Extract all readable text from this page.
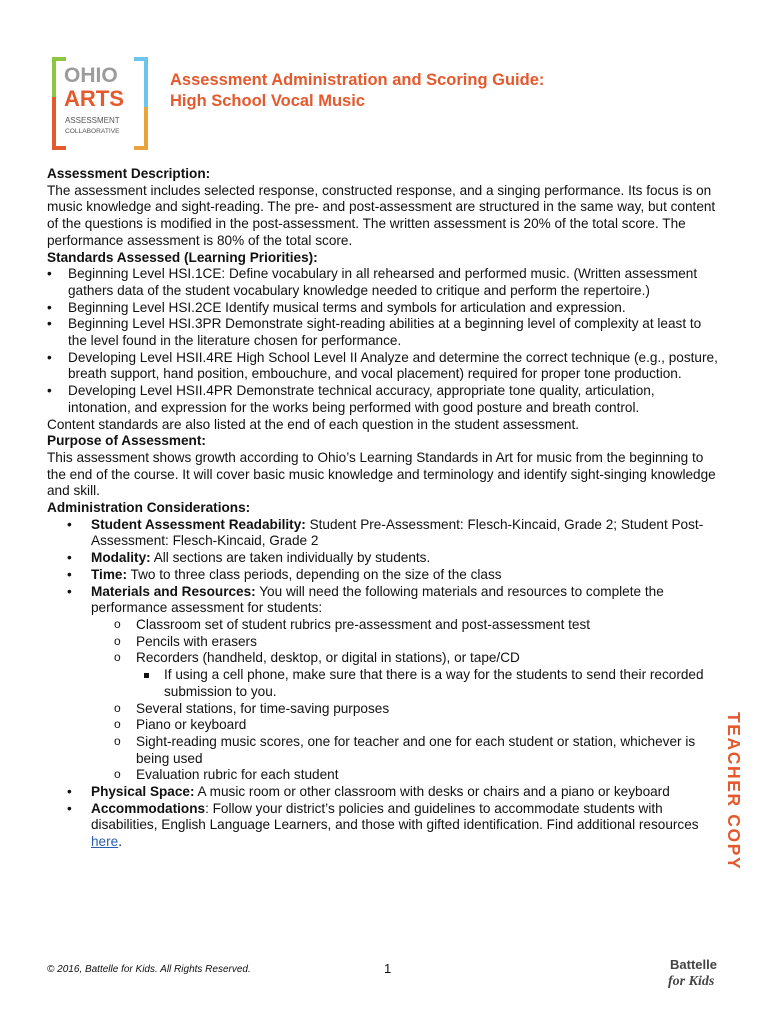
OHIO
ARTS
ASSESSMENT
COLLABORATIVE
Assessment Administration and Scoring Guide:
High School Vocal Music

Assessment Description:

The assessment includes selected response, constructed response, and a singing performance. Its focus is on music knowledge and sight-reading. The pre- and post-assessment are structured in the same way, but content of the questions is modified in the post-assessment. The written assessment is 20% of the total score. The performance assessment is 80% of the total score.

Standards Assessed (Learning Priorities):

• Beginning Level HSI.1CE: Define vocabulary in all rehearsed and performed music. (Written assessment gathers data of the student vocabulary knowledge needed to critique and perform the repertoire.)
• Beginning Level HSI.2CE Identify musical terms and symbols for articulation and expression.
• Beginning Level HSI.3PR Demonstrate sight-reading abilities at a beginning level of complexity at least to the level found in the literature chosen for performance.
• Developing Level HSII.4RE High School Level II Analyze and determine the correct technique (e.g., posture, breath support, hand position, embouchure, and vocal placement) required for proper tone production.
• Developing Level HSII.4PR Demonstrate technical accuracy, appropriate tone quality, articulation, intonation, and expression for the works being performed with good posture and breath control.

Content standards are also listed at the end of each question in the student assessment.

Purpose of Assessment:

This assessment shows growth according to Ohio’s Learning Standards in Art for music from the beginning to the end of the course. It will cover basic music knowledge and terminology and identify sight-singing knowledge and skill.

Administration Considerations:

• Student Assessment Readability: Student Pre-Assessment: Flesch-Kincaid, Grade 2; Student Post-Assessment: Flesch-Kincaid, Grade 2
• Modality: All sections are taken individually by students.
• Time: Two to three class periods, depending on the size of the class
• Materials and Resources: You will need the following materials and resources to complete the performance assessment for students:
o Classroom set of student rubrics pre-assessment and post-assessment test
o Pencils with erasers
o Recorders (handheld, desktop, or digital in stations), or tape/CD
If using a cell phone, make sure that there is a way for the students to send their recorded submission to you.
o Several stations, for time-saving purposes
o Piano or keyboard
o Sight-reading music scores, one for teacher and one for each student or station, whichever is being used
o Evaluation rubric for each student
• Physical Space: A music room or other classroom with desks or chairs and a piano or keyboard
• Accommodations: Follow your district’s policies and guidelines to accommodate students with disabilities, English Language Learners, and those with gifted identification. Find additional resources here.	TEACHER COPY
© 2016, Battelle for Kids. All Rights Reserved.	1	Battelle
for Kids
